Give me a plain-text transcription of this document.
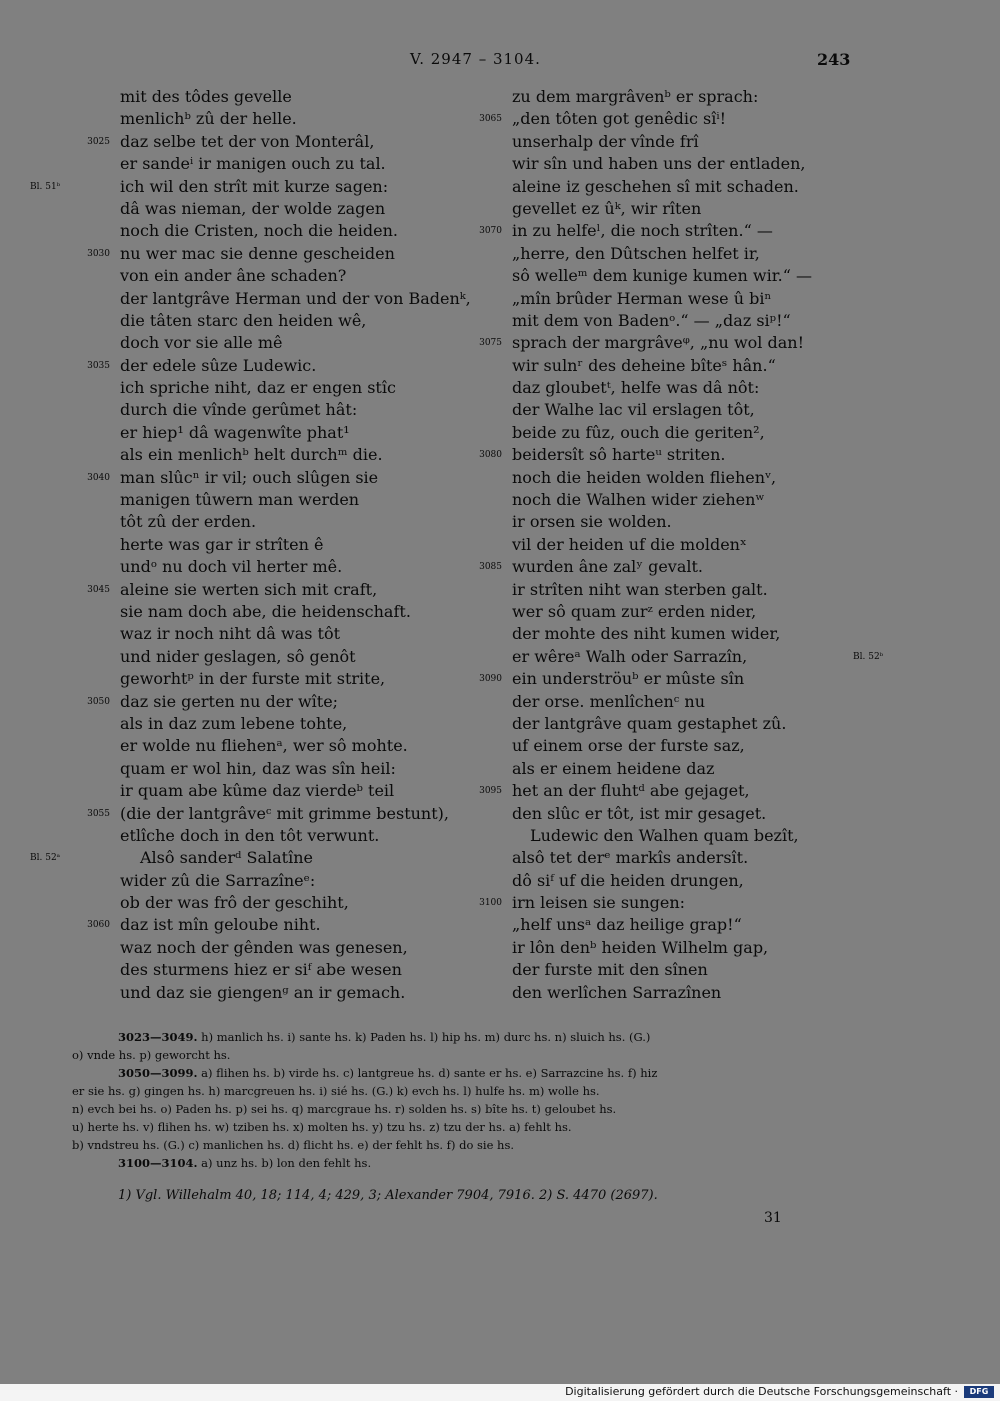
V. 2947 – 3104.	243
mit des tôdes gevelle
menlichᵇ zû der helle.
3025 daz selbe tet der von Monterâl,
er sandeⁱ ir manigen ouch zu tal.
Bl. 51ᵇ	ich wil den strît mit kurze sagen:
dâ was nieman, der wolde zagen
noch die Cristen, noch die heiden.
3030 nu wer mac sie denne gescheiden
von ein ander âne schaden?
der lantgrâve Herman und der von Badenᵏ,
die tâten starc den heiden wê,
doch vor sie alle mê
3035 der edele sûze Ludewic.
ich spriche niht, daz er engen stîc
durch die vînde gerûmet hât:
er hiep¹ dâ wagenwîte phat¹
als ein menlichᵇ helt durchᵐ die.
3040 man slûcⁿ ir vil; ouch slûgen sie
manigen tûwern man werden
tôt zû der erden.
herte was gar ir strîten ê
undᵒ nu doch vil herter mê.
3045 aleine sie werten sich mit craft,
sie nam doch abe, die heidenschaft.
waz ir noch niht dâ was tôt
und nider geslagen, sô genôt
geworhtᵖ in der furste mit strite,
3050 daz sie gerten nu der wîte;
als in daz zum lebene tohte,
er wolde nu fliehenᵃ, wer sô mohte.
quam er wol hin, daz was sîn heil:
ir quam abe kûme daz vierdeᵇ teil
3055 (die der lantgrâveᶜ mit grimme bestunt),
etlîche doch in den tôt verwunt.
Bl. 52ᵃ	Alsô sanderᵈ Salatîne
wider zû die Sarrazîneᵉ:
ob der was frô der geschiht,
3060 daz ist mîn geloube niht.
waz noch der gênden was genesen,
des sturmens hiez er siᶠ abe wesen
und daz sie giengenᵍ an ir gemach.
zu dem margrâvenᵇ er sprach:
3065 „den tôten got genêdic sîⁱ!
unserhalp der vînde frî
wir sîn und haben uns der entladen,
aleine iz geschehen sî mit schaden.
gevellet ez ûᵏ, wir rîten
3070 in zu helfeˡ, die noch strîten.“ —
„herre, den Dûtschen helfet ir,
sô welleᵐ dem kunige kumen wir.“ —
„mîn brûder Herman wese û biⁿ
mit dem von Badenᵒ.“ — „daz siᵖ!“
3075 sprach der margrâveᵠ, „nu wol dan!
wir sulnʳ des deheine bîteˢ hân.“
daz gloubetᵗ, helfe was dâ nôt:
der Walhe lac vil erslagen tôt,
beide zu fûz, ouch die geriten²,
3080 beidersît sô harteᵘ striten.
noch die heiden wolden fliehenᵛ,
noch die Walhen wider ziehenʷ
ir orsen sie wolden.
vil der heiden uf die moldenˣ
3085 wurden âne zalʸ gevalt.
ir strîten niht wan sterben galt.
wer sô quam zurᶻ erden nider,
der mohte des niht kumen wider,
Bl. 52ᵇ
er wêreᵃ Walh oder Sarrazîn,
3090 ein underströuᵇ er mûste sîn
der orse. menlîchenᶜ nu
der lantgrâve quam gestaphet zû.
uf einem orse der furste saz,
als er einem heidene daz
3095 het an der fluhtᵈ abe gejaget,
den slûc er tôt, ist mir gesaget.
Ludewic den Walhen quam bezît,
alsô tet derᵉ markîs andersît.
dô siᶠ uf die heiden drungen,
3100 irn leisen sie sungen:
„helf unsᵃ daz heilige grap!“
ir lôn denᵇ heiden Wilhelm gap,
der furste mit den sînen
den werlîchen Sarrazînen
3023—3049. h) manlich hs. i) sante hs. k) Paden hs. l) hip hs. m) durc hs. n) sluich hs. (G.)
o) vnde hs. p) geworcht hs.
3050—3099. a) flihen hs. b) virde hs. c) lantgreue hs. d) sante er hs. e) Sarrazcine hs. f) hiz
er sie hs. g) gingen hs. h) marcgreuen hs. i) sié hs. (G.) k) evch hs. l) hulfe hs. m) wolle hs.
n) evch bei hs. o) Paden hs. p) sei hs. q) marcgraue hs. r) solden hs. s) bîte hs. t) geloubet hs.
u) herte hs. v) flihen hs. w) tziben hs. x) molten hs. y) tzu hs. z) tzu der hs. a) fehlt hs.
b) vndstreu hs. (G.) c) manlichen hs. d) flicht hs. e) der fehlt hs. f) do sie hs.
3100—3104. a) unz hs. b) lon den fehlt hs.
1) Vgl. Willehalm 40, 18; 114, 4; 429, 3; Alexander 7904, 7916. 2) S. 4470 (2697).
31
Digitalisierung gefördert durch die Deutsche Forschungsgemeinschaft ·	DFG
